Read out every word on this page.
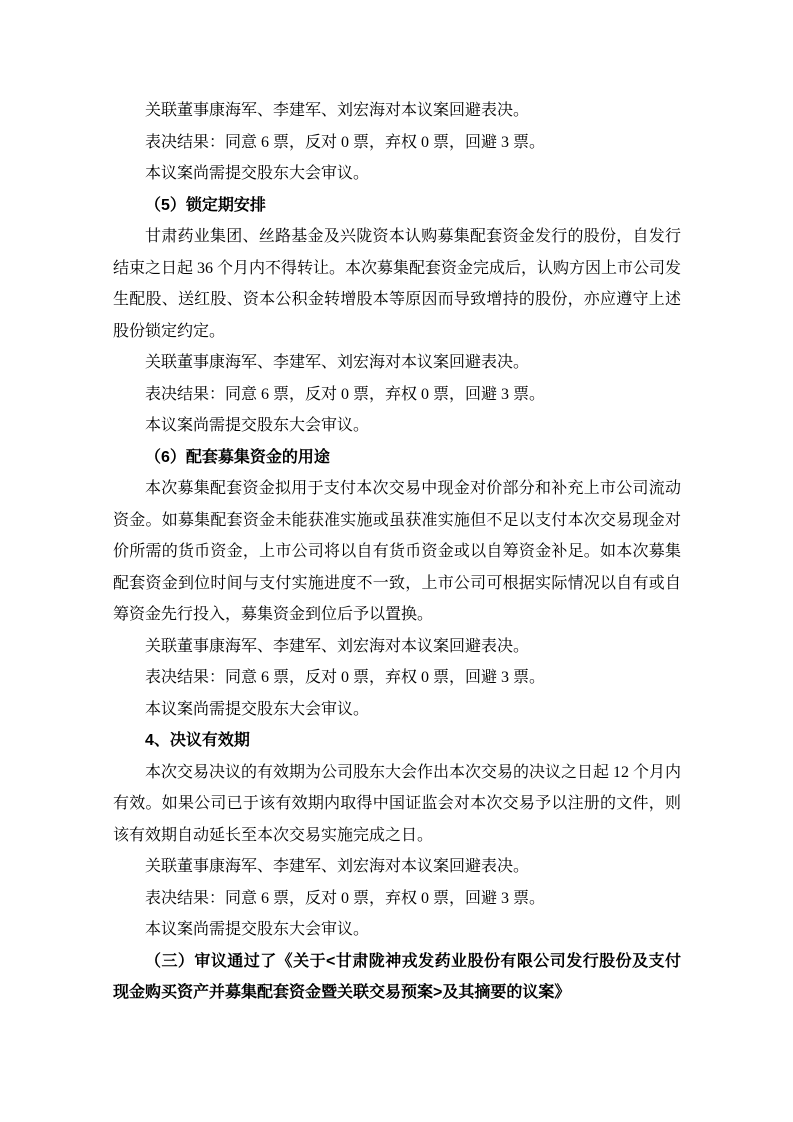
关联董事康海军、李建军、刘宏海对本议案回避表决。

表决结果：同意 6 票，反对 0 票，弃权 0 票，回避 3 票。

本议案尚需提交股东大会审议。

（5）锁定期安排

甘肃药业集团、丝路基金及兴陇资本认购募集配套资金发行的股份，自发行结束之日起 36 个月内不得转让。本次募集配套资金完成后，认购方因上市公司发生配股、送红股、资本公积金转增股本等原因而导致增持的股份，亦应遵守上述股份锁定约定。

关联董事康海军、李建军、刘宏海对本议案回避表决。

表决结果：同意 6 票，反对 0 票，弃权 0 票，回避 3 票。

本议案尚需提交股东大会审议。

（6）配套募集资金的用途

本次募集配套资金拟用于支付本次交易中现金对价部分和补充上市公司流动资金。如募集配套资金未能获准实施或虽获准实施但不足以支付本次交易现金对价所需的货币资金，上市公司将以自有货币资金或以自筹资金补足。如本次募集配套资金到位时间与支付实施进度不一致，上市公司可根据实际情况以自有或自筹资金先行投入，募集资金到位后予以置换。

关联董事康海军、李建军、刘宏海对本议案回避表决。

表决结果：同意 6 票，反对 0 票，弃权 0 票，回避 3 票。

本议案尚需提交股东大会审议。

4、决议有效期

本次交易决议的有效期为公司股东大会作出本次交易的决议之日起 12 个月内有效。如果公司已于该有效期内取得中国证监会对本次交易予以注册的文件，则该有效期自动延长至本次交易实施完成之日。

关联董事康海军、李建军、刘宏海对本议案回避表决。

表决结果：同意 6 票，反对 0 票，弃权 0 票，回避 3 票。

本议案尚需提交股东大会审议。

（三）审议通过了《关于<甘肃陇神戎发药业股份有限公司发行股份及支付现金购买资产并募集配套资金暨关联交易预案>及其摘要的议案》
